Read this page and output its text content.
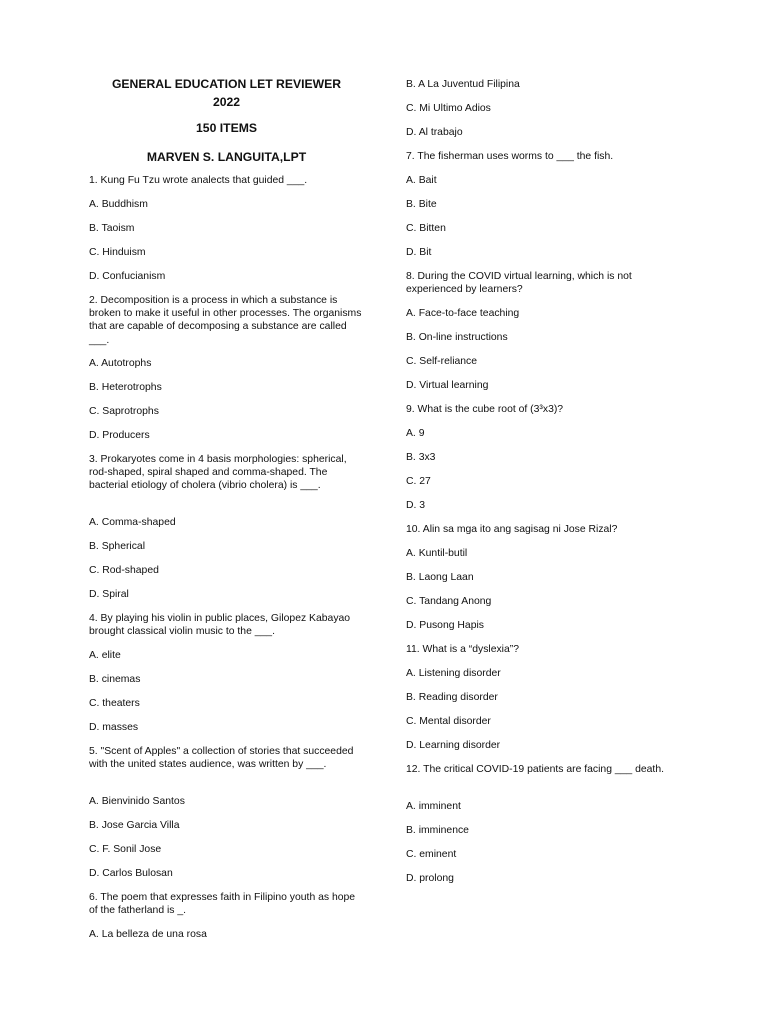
GENERAL EDUCATION LET REVIEWER
2022
150 ITEMS
MARVEN S. LANGUITA,LPT

1. Kung Fu Tzu wrote analects that guided ___.

A. Buddhism

B. Taoism

C. Hinduism

D. Confucianism

2. Decomposition is a process in which a substance is broken to make it useful in other processes. The organisms that are capable of decomposing a substance are called ___.

A. Autotrophs

B. Heterotrophs

C. Saprotrophs

D. Producers

3. Prokaryotes come in 4 basis morphologies: spherical, rod-shaped, spiral shaped and comma-shaped. The bacterial etiology of cholera (vibrio cholera) is ___.

A. Comma-shaped

B. Spherical

C. Rod-shaped

D. Spiral

4. By playing his violin in public places, Gilopez Kabayao brought classical violin music to the ___.

A. elite

B. cinemas

C. theaters

D. masses

5. "Scent of Apples" a collection of stories that succeeded with the united states audience, was written by ___.

A. Bienvinido Santos

B. Jose Garcia Villa

C. F. Sonil Jose

D. Carlos Bulosan

6. The poem that expresses faith in Filipino youth as hope of the fatherland is _.

A. La belleza de una rosa

B. A La Juventud Filipina

C. Mi Ultimo Adios

D. Al trabajo

7. The fisherman uses worms to ___ the fish.

A. Bait

B. Bite

C. Bitten

D. Bit

8. During the COVID virtual learning, which is not experienced by learners?

A. Face-to-face teaching

B. On-line instructions

C. Self-reliance

D. Virtual learning

9. What is the cube root of (3³x3)?

A. 9

B. 3x3

C. 27

D. 3

10. Alin sa mga ito ang sagisag ni Jose Rizal?

A. Kuntil-butil

B. Laong Laan

C. Tandang Anong

D. Pusong Hapis

11. What is a “dyslexia”?

A. Listening disorder

B. Reading disorder

C. Mental disorder

D. Learning disorder

12. The critical COVID-19 patients are facing ___ death.

A. imminent

B. imminence

C. eminent

D. prolong
